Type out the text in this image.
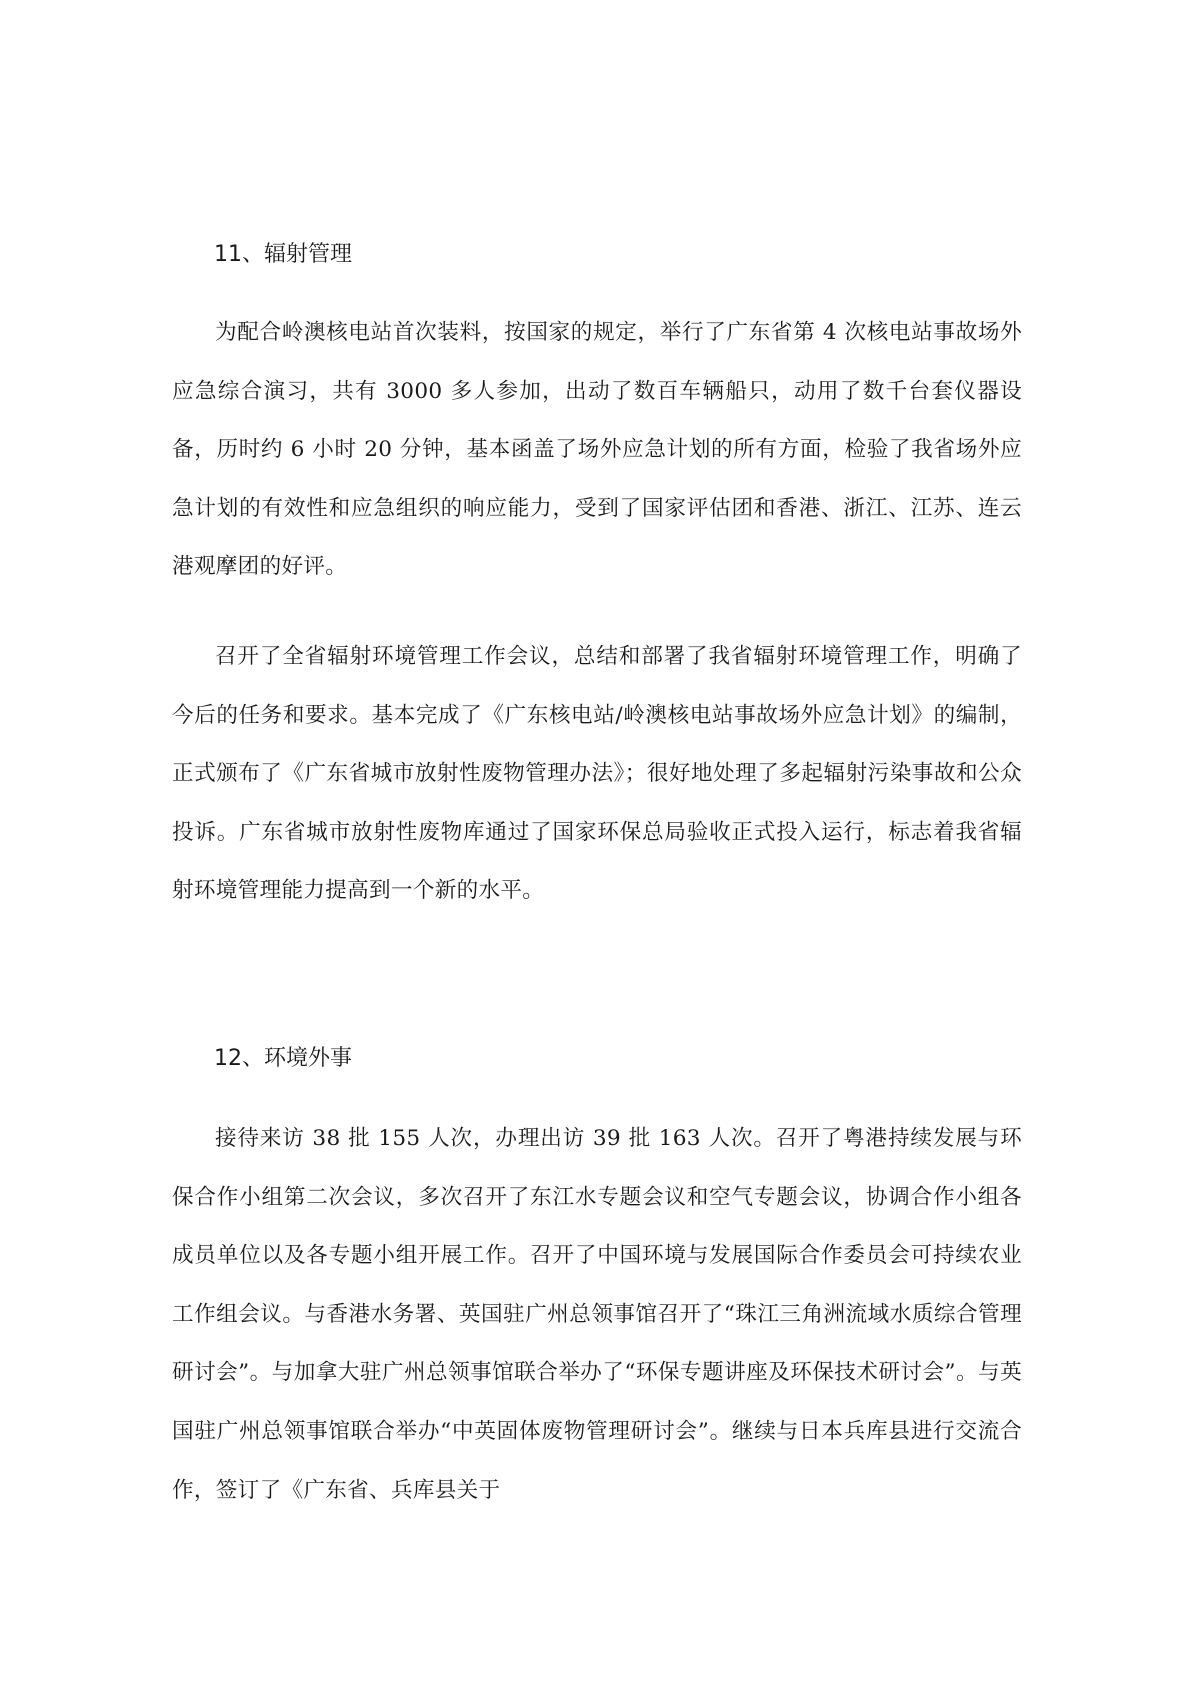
11、辐射管理

为配合岭澳核电站首次装料，按国家的规定，举行了广东省第 4 次核电站事故场外应急综合演习，共有 3000 多人参加，出动了数百车辆船只，动用了数千台套仪器设备，历时约 6 小时 20 分钟，基本函盖了场外应急计划的所有方面，检验了我省场外应急计划的有效性和应急组织的响应能力，受到了国家评估团和香港、浙江、江苏、连云港观摩团的好评。

召开了全省辐射环境管理工作会议，总结和部署了我省辐射环境管理工作，明确了今后的任务和要求。基本完成了《广东核电站/岭澳核电站事故场外应急计划》的编制，正式颁布了《广东省城市放射性废物管理办法》；很好地处理了多起辐射污染事故和公众投诉。广东省城市放射性废物库通过了国家环保总局验收正式投入运行，标志着我省辐射环境管理能力提高到一个新的水平。

12、环境外事

接待来访 38 批 155 人次，办理出访 39 批 163 人次。召开了粤港持续发展与环保合作小组第二次会议，多次召开了东江水专题会议和空气专题会议，协调合作小组各成员单位以及各专题小组开展工作。召开了中国环境与发展国际合作委员会可持续农业工作组会议。与香港水务署、英国驻广州总领事馆召开了“珠江三角洲流域水质综合管理研讨会”。与加拿大驻广州总领事馆联合举办了“环保专题讲座及环保技术研讨会”。与英国驻广州总领事馆联合举办“中英固体废物管理研讨会”。继续与日本兵库县进行交流合作，签订了《广东省、兵库县关于
